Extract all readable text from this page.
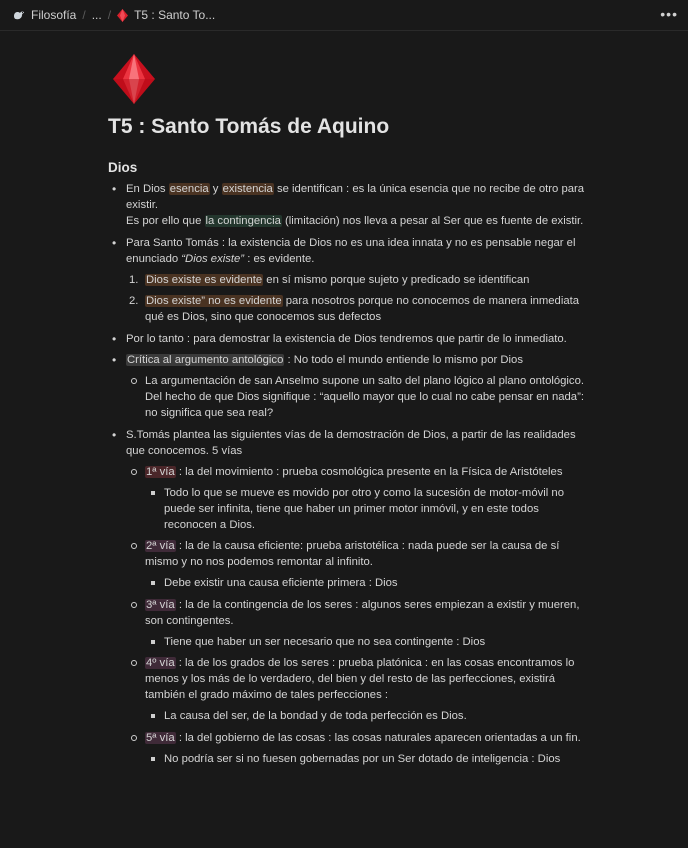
Filosofía / ... / T5 : Santo To...	•••
T5 : Santo Tomás de Aquino
Dios
• En Dios esencia y existencia se identifican : es la única esencia que no recibe de otro para existir.
Es por ello que la contingencia (limitación) nos lleva a pesar al Ser que es fuente de existir.
• Para Santo Tomás : la existencia de Dios no es una idea innata y no es pensable negar el enunciado “Dios existe” : es evidente.
1. Dios existe es evidente en sí mismo porque sujeto y predicado se identifican
2. Dios existe” no es evidente para nosotros porque no conocemos de manera inmediata qué es Dios, sino que conocemos sus defectos
• Por lo tanto : para demostrar la existencia de Dios tendremos que partir de lo inmediato.
• Crítica al argumento antológico : No todo el mundo entiende lo mismo por Dios
La argumentación de san Anselmo supone un salto del plano lógico al plano ontológico. Del hecho de que Dios signifique : “aquello mayor que lo cual no cabe pensar en nada”: no significa que sea real?
• S.Tomás plantea las siguientes vías de la demostración de Dios, a partir de las realidades que conocemos. 5 vías
1ª vía : la del movimiento : prueba cosmológica presente en la Física de Aristóteles
Todo lo que se mueve es movido por otro y como la sucesión de motor-móvil no puede ser infinita, tiene que haber un primer motor inmóvil, y en este todos reconocen a Dios.
2ª vía : la de la causa eficiente: prueba aristotélica : nada puede ser la causa de sí mismo y no nos podemos remontar al infinito.
Debe existir una causa eficiente primera : Dios
3ª vía : la de la contingencia de los seres : algunos seres empiezan a existir y mueren, son contingentes.
Tiene que haber un ser necesario que no sea contingente : Dios
4º vía : la de los grados de los seres : prueba platónica : en las cosas encontramos lo menos y los más de lo verdadero, del bien y del resto de las perfecciones, existirá también el grado máximo de tales perfecciones :
La causa del ser, de la bondad y de toda perfección es Dios.
5ª vía : la del gobierno de las cosas : las cosas naturales aparecen orientadas a un fin.
No podría ser si no fuesen gobernadas por un Ser dotado de inteligencia : Dios
